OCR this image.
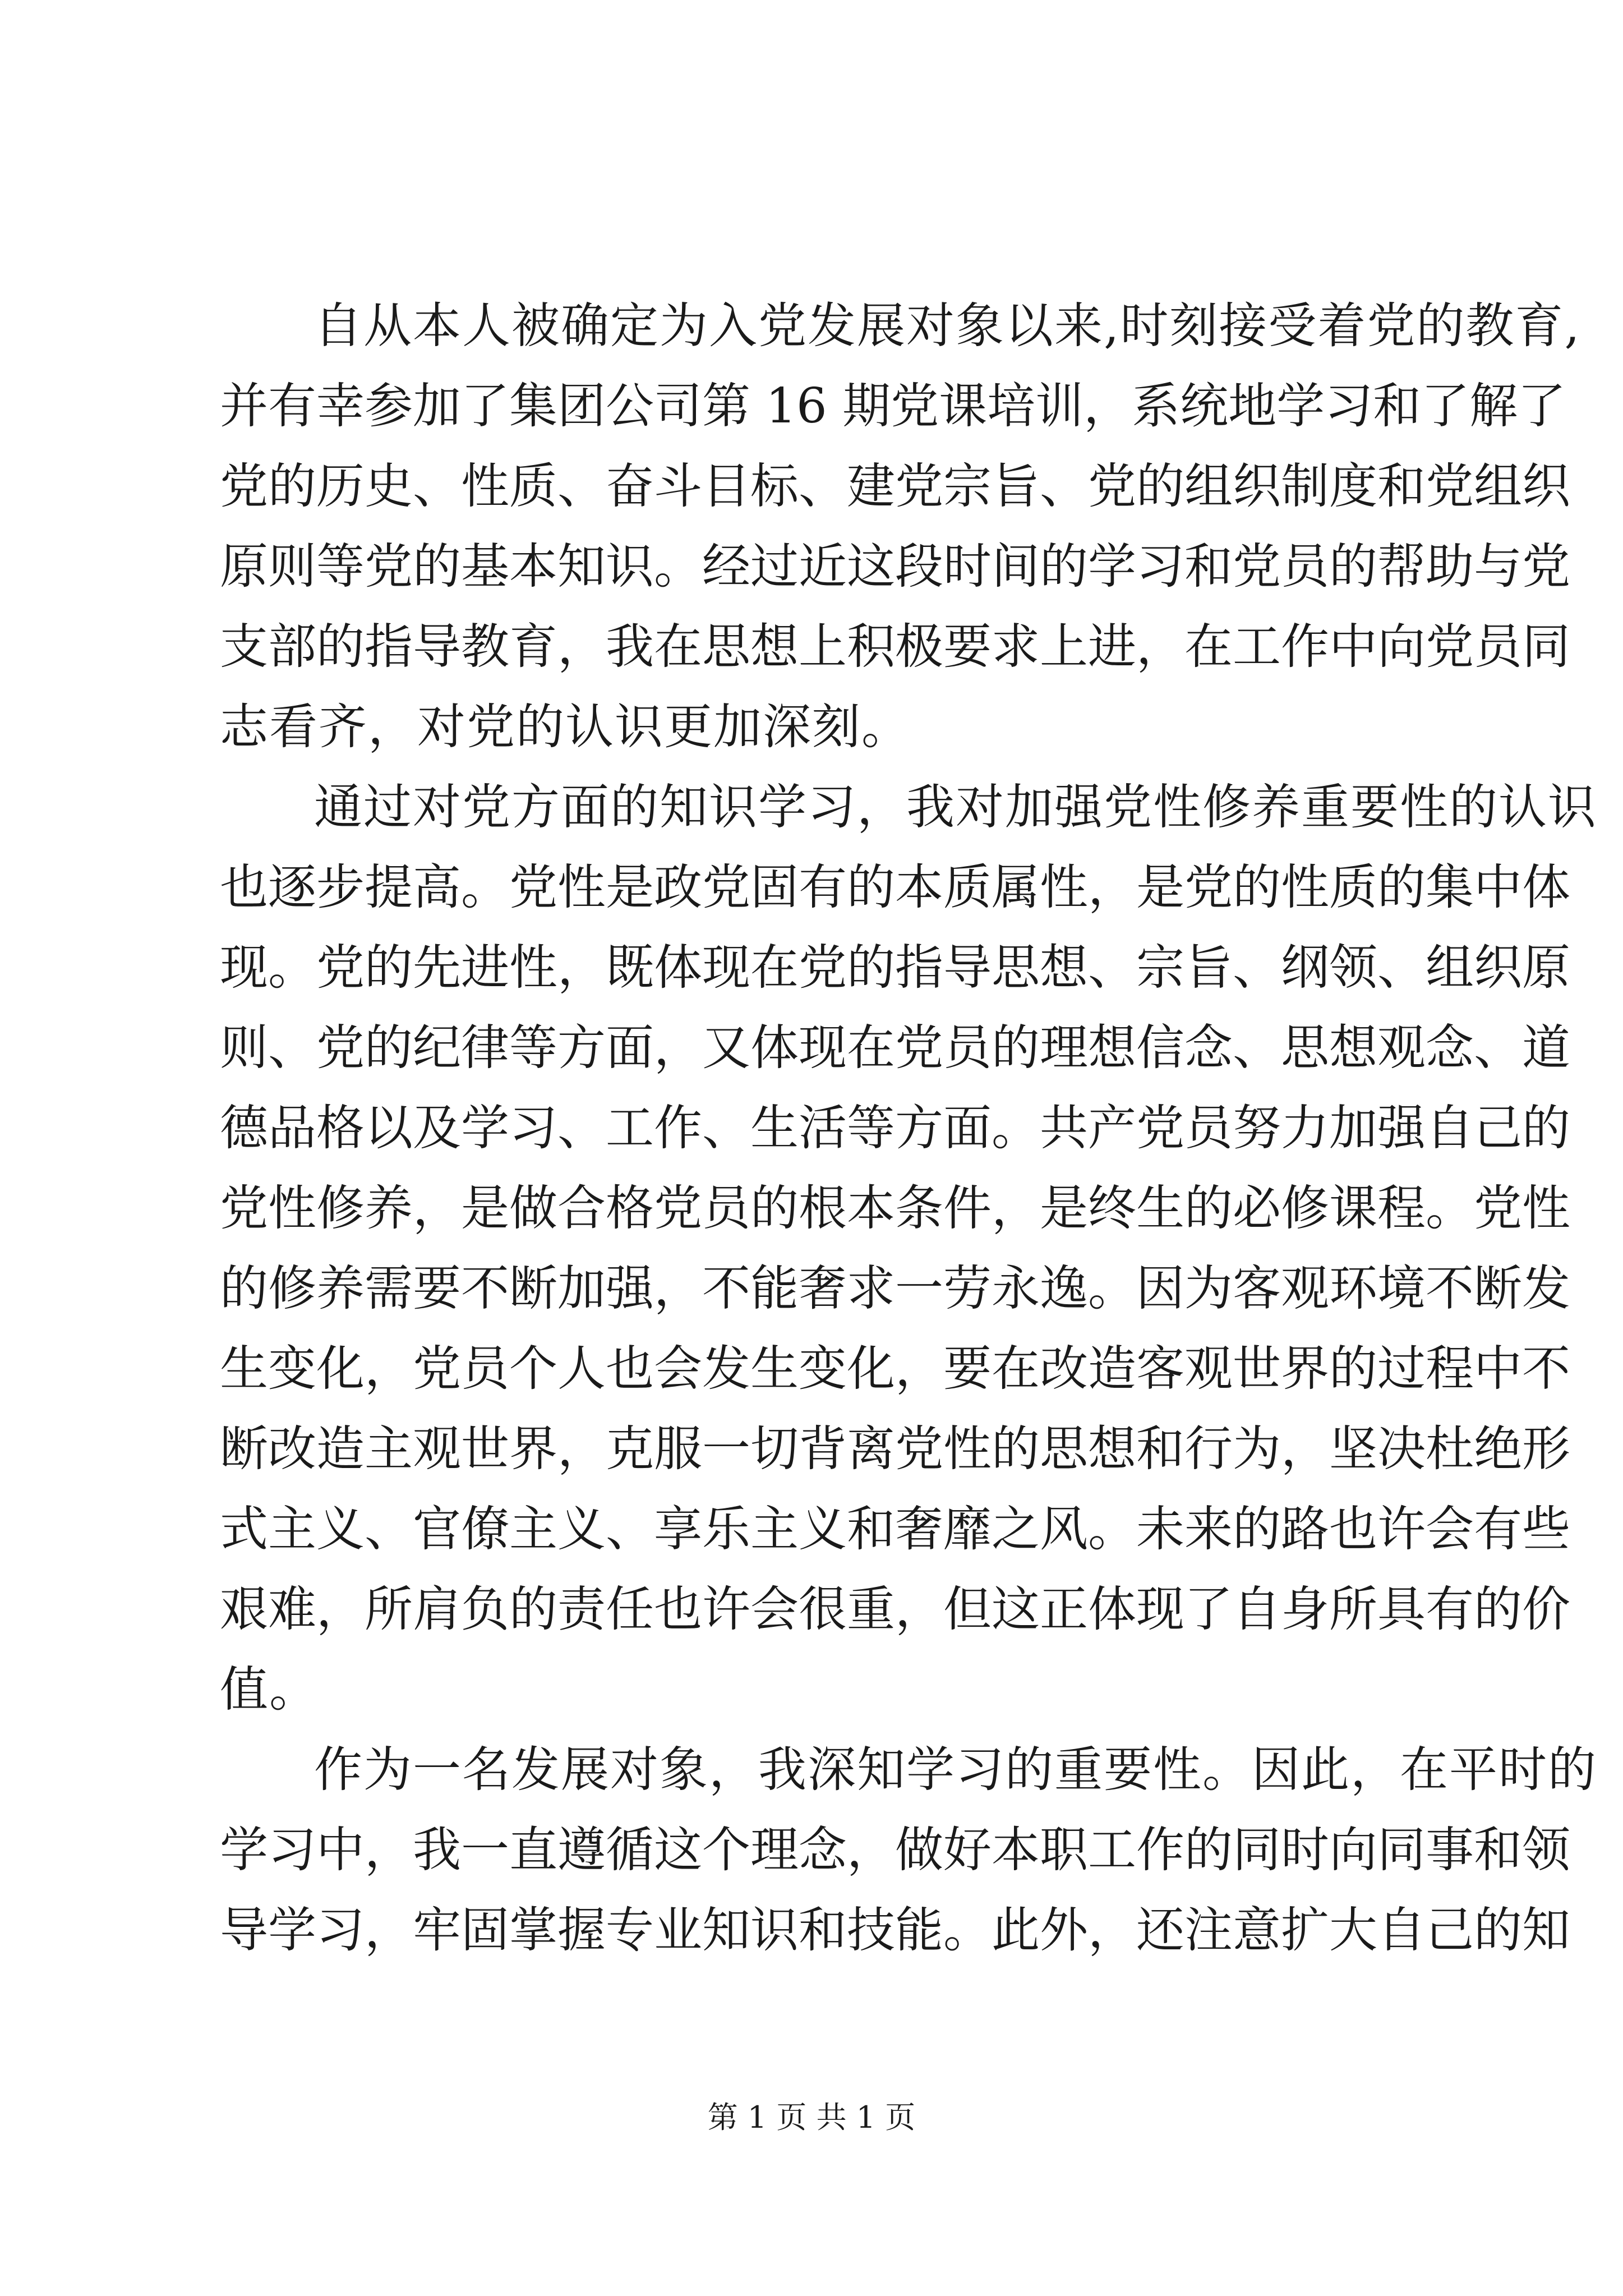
自从本人被确定为入党发展对象以来,时刻接受着党的教育,
并有幸参加了集团公司第 16 期党课培训，系统地学习和了解了
党的历史、性质、奋斗目标、建党宗旨、党的组织制度和党组织
原则等党的基本知识。经过近这段时间的学习和党员的帮助与党
支部的指导教育，我在思想上积极要求上进，在工作中向党员同
志看齐，对党的认识更加深刻。
通过对党方面的知识学习，我对加强党性修养重要性的认识
也逐步提高。党性是政党固有的本质属性，是党的性质的集中体
现。党的先进性，既体现在党的指导思想、宗旨、纲领、组织原
则、党的纪律等方面，又体现在党员的理想信念、思想观念、道
德品格以及学习、工作、生活等方面。共产党员努力加强自己的
党性修养，是做合格党员的根本条件，是终生的必修课程。党性
的修养需要不断加强，不能奢求一劳永逸。因为客观环境不断发
生变化，党员个人也会发生变化，要在改造客观世界的过程中不
断改造主观世界，克服一切背离党性的思想和行为，坚决杜绝形
式主义、官僚主义、享乐主义和奢靡之风。未来的路也许会有些
艰难，所肩负的责任也许会很重，但这正体现了自身所具有的价
值。
作为一名发展对象，我深知学习的重要性。因此，在平时的
学习中，我一直遵循这个理念，做好本职工作的同时向同事和领
导学习，牢固掌握专业知识和技能。此外，还注意扩大自己的知
第 1 页 共 1 页
